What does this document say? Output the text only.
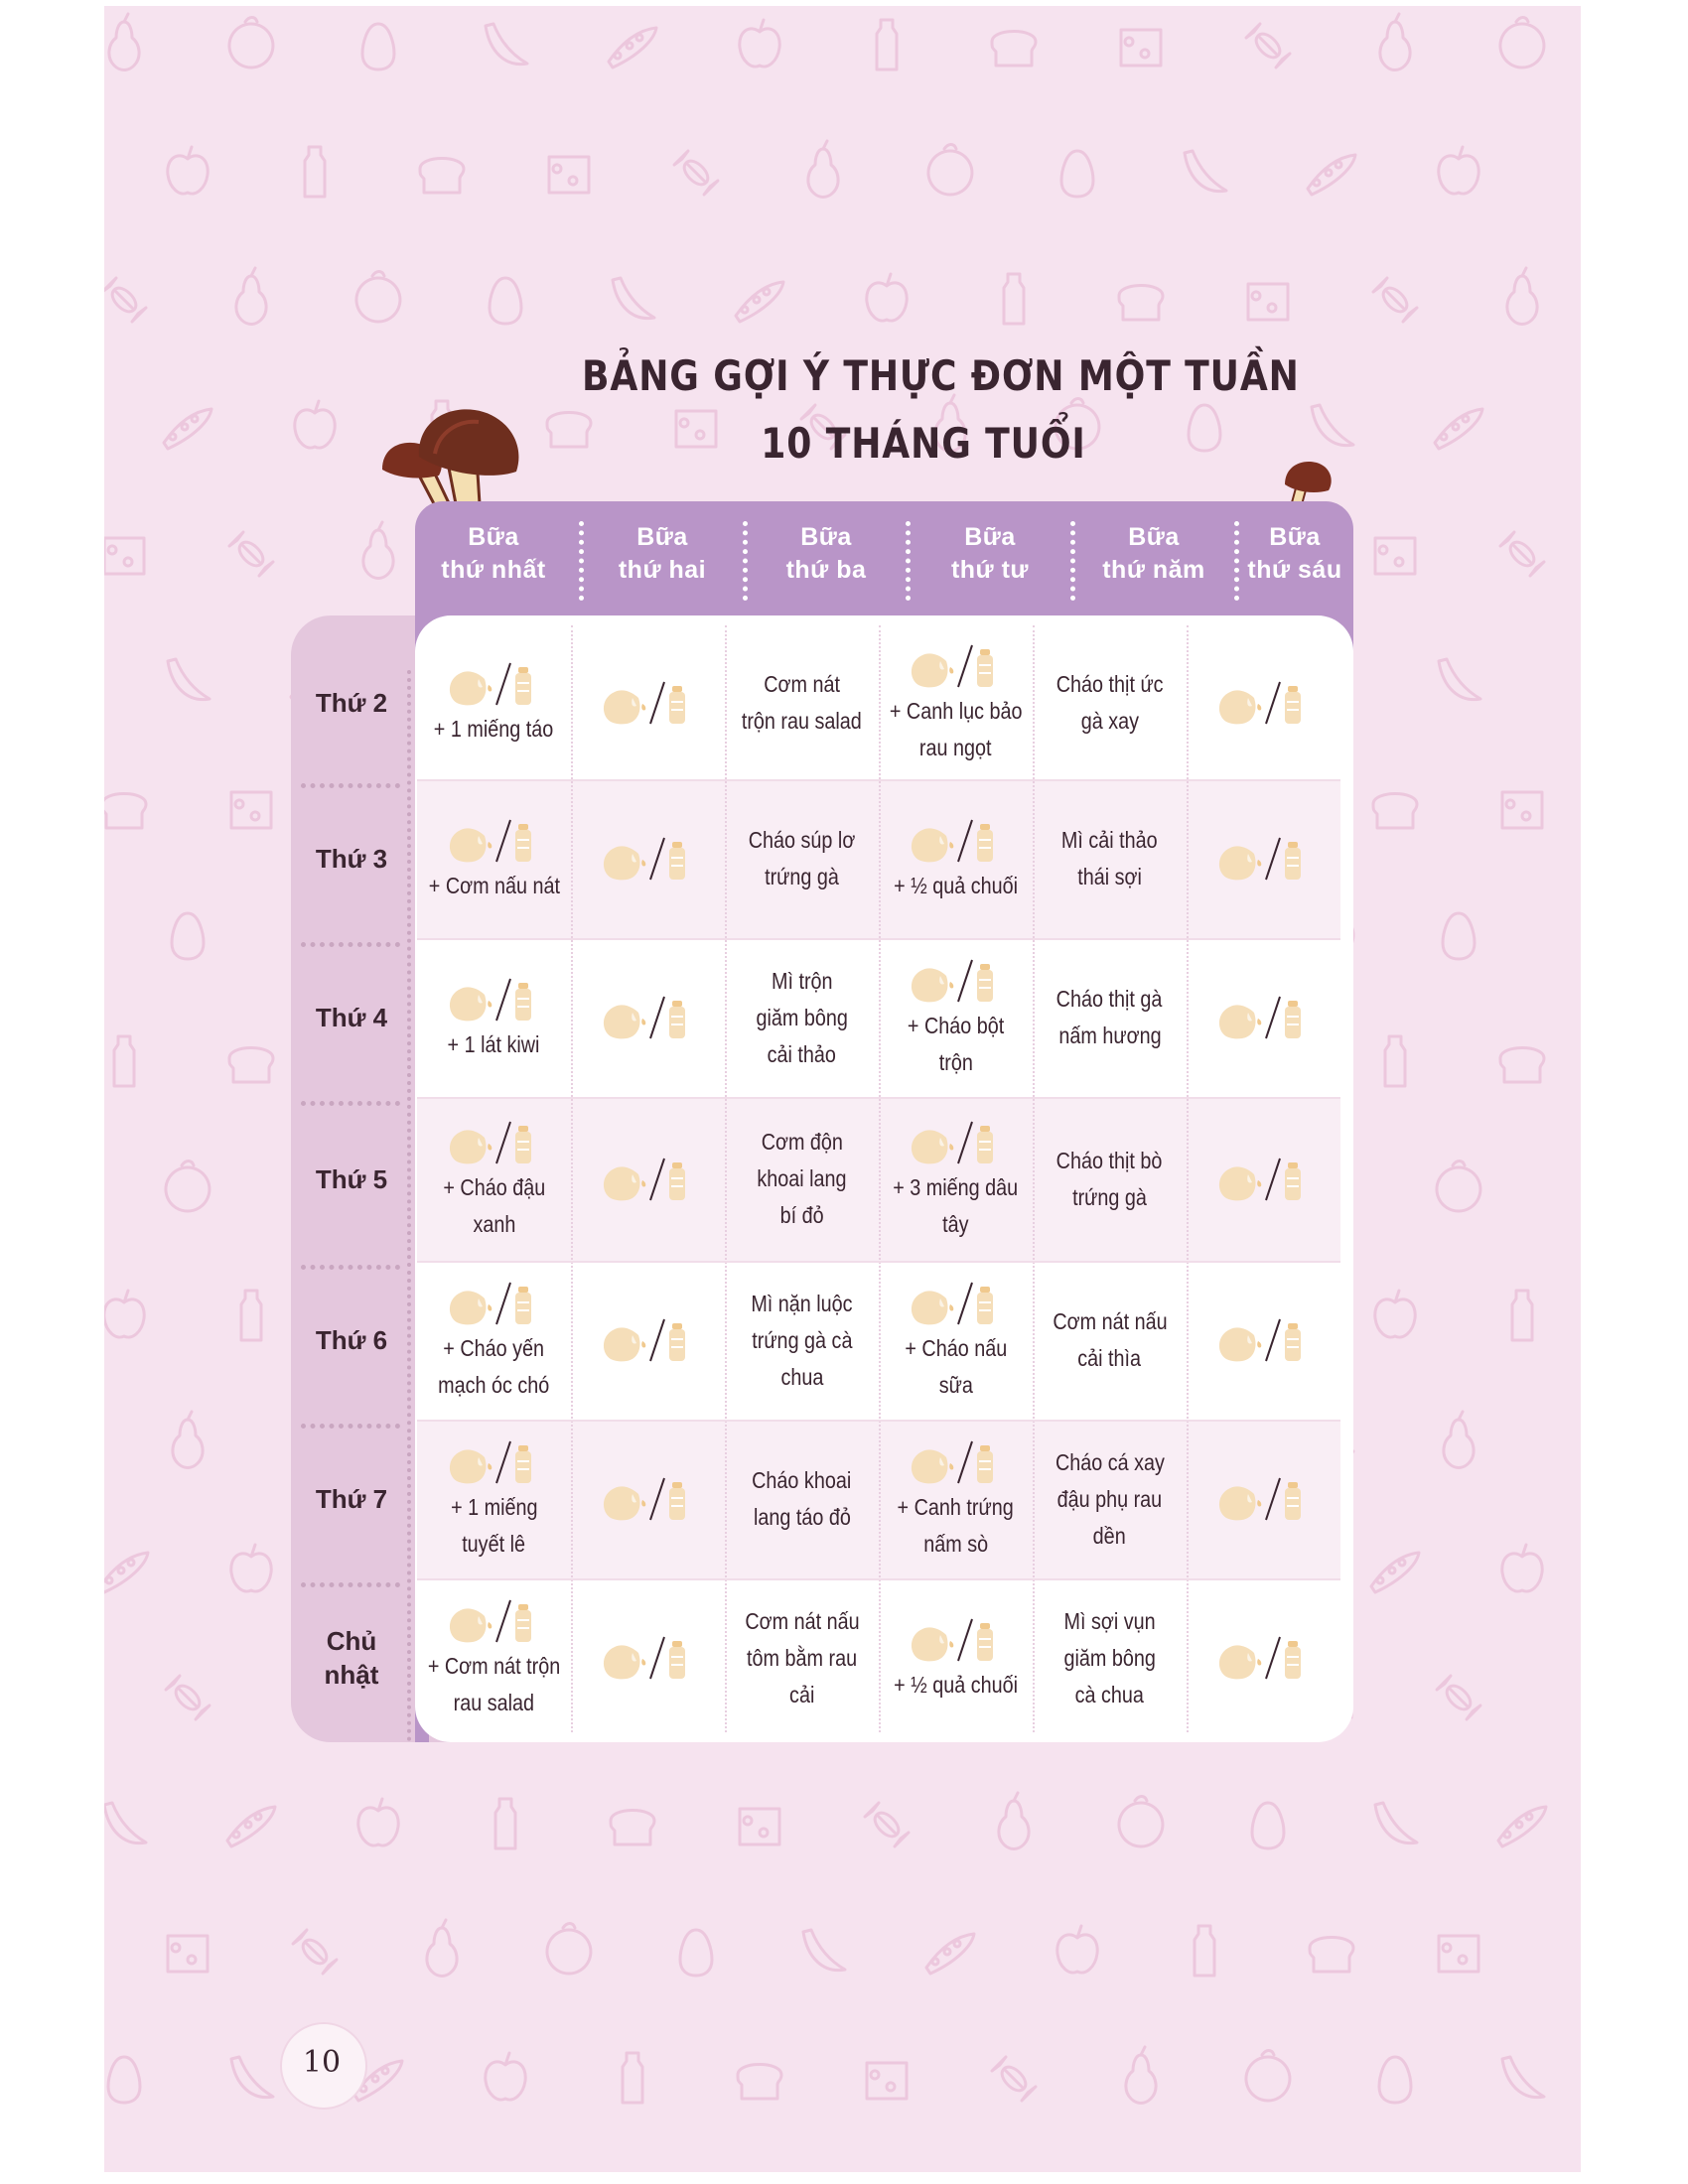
BẢNG GỢI Ý THỰC ĐƠN MỘT TUẦN
10 THÁNG TUỔI
Bữa
thứ nhất
Bữa
thứ hai
Bữa
thứ ba
Bữa
thứ tư
Bữa
thứ năm
Bữa
thứ sáu
Thứ 2
Thứ 3
Thứ 4
Thứ 5
Thứ 6
Thứ 7
Chủ
nhật
+ 1 miếng táo
Cơm nát
trộn rau salad + Canh lục bảo
rau ngọt
Cháo thịt ức
gà xay
+ Cơm nấu nát
Cháo súp lơ
trứng gà + ½ quả chuối
Mì cải thảo
thái sợi
+ 1 lát kiwi
Mì trộn
giăm bông
cải thảo
+ Cháo bột
trộn
Cháo thịt gà
nấm hương
+ Cháo đậu
xanh
Cơm độn
khoai lang
bí đỏ
+ 3 miếng dâu
tây
Cháo thịt bò
trứng gà
+ Cháo yến
mạch óc chó
Mì nặn luộc
trứng gà cà
chua
+ Cháo nấu
sữa
Cơm nát nấu
cải thìa
+ 1 miếng
tuyết lê
Cháo khoai
lang táo đỏ + Canh trứng
nấm sò
Cháo cá xay
đậu phụ rau
dền
+ Cơm nát trộn
rau salad
Cơm nát nấu
tôm bằm rau
cải	+ ½ quả chuối
Mì sợi vụn
giăm bông
cà chua
10
